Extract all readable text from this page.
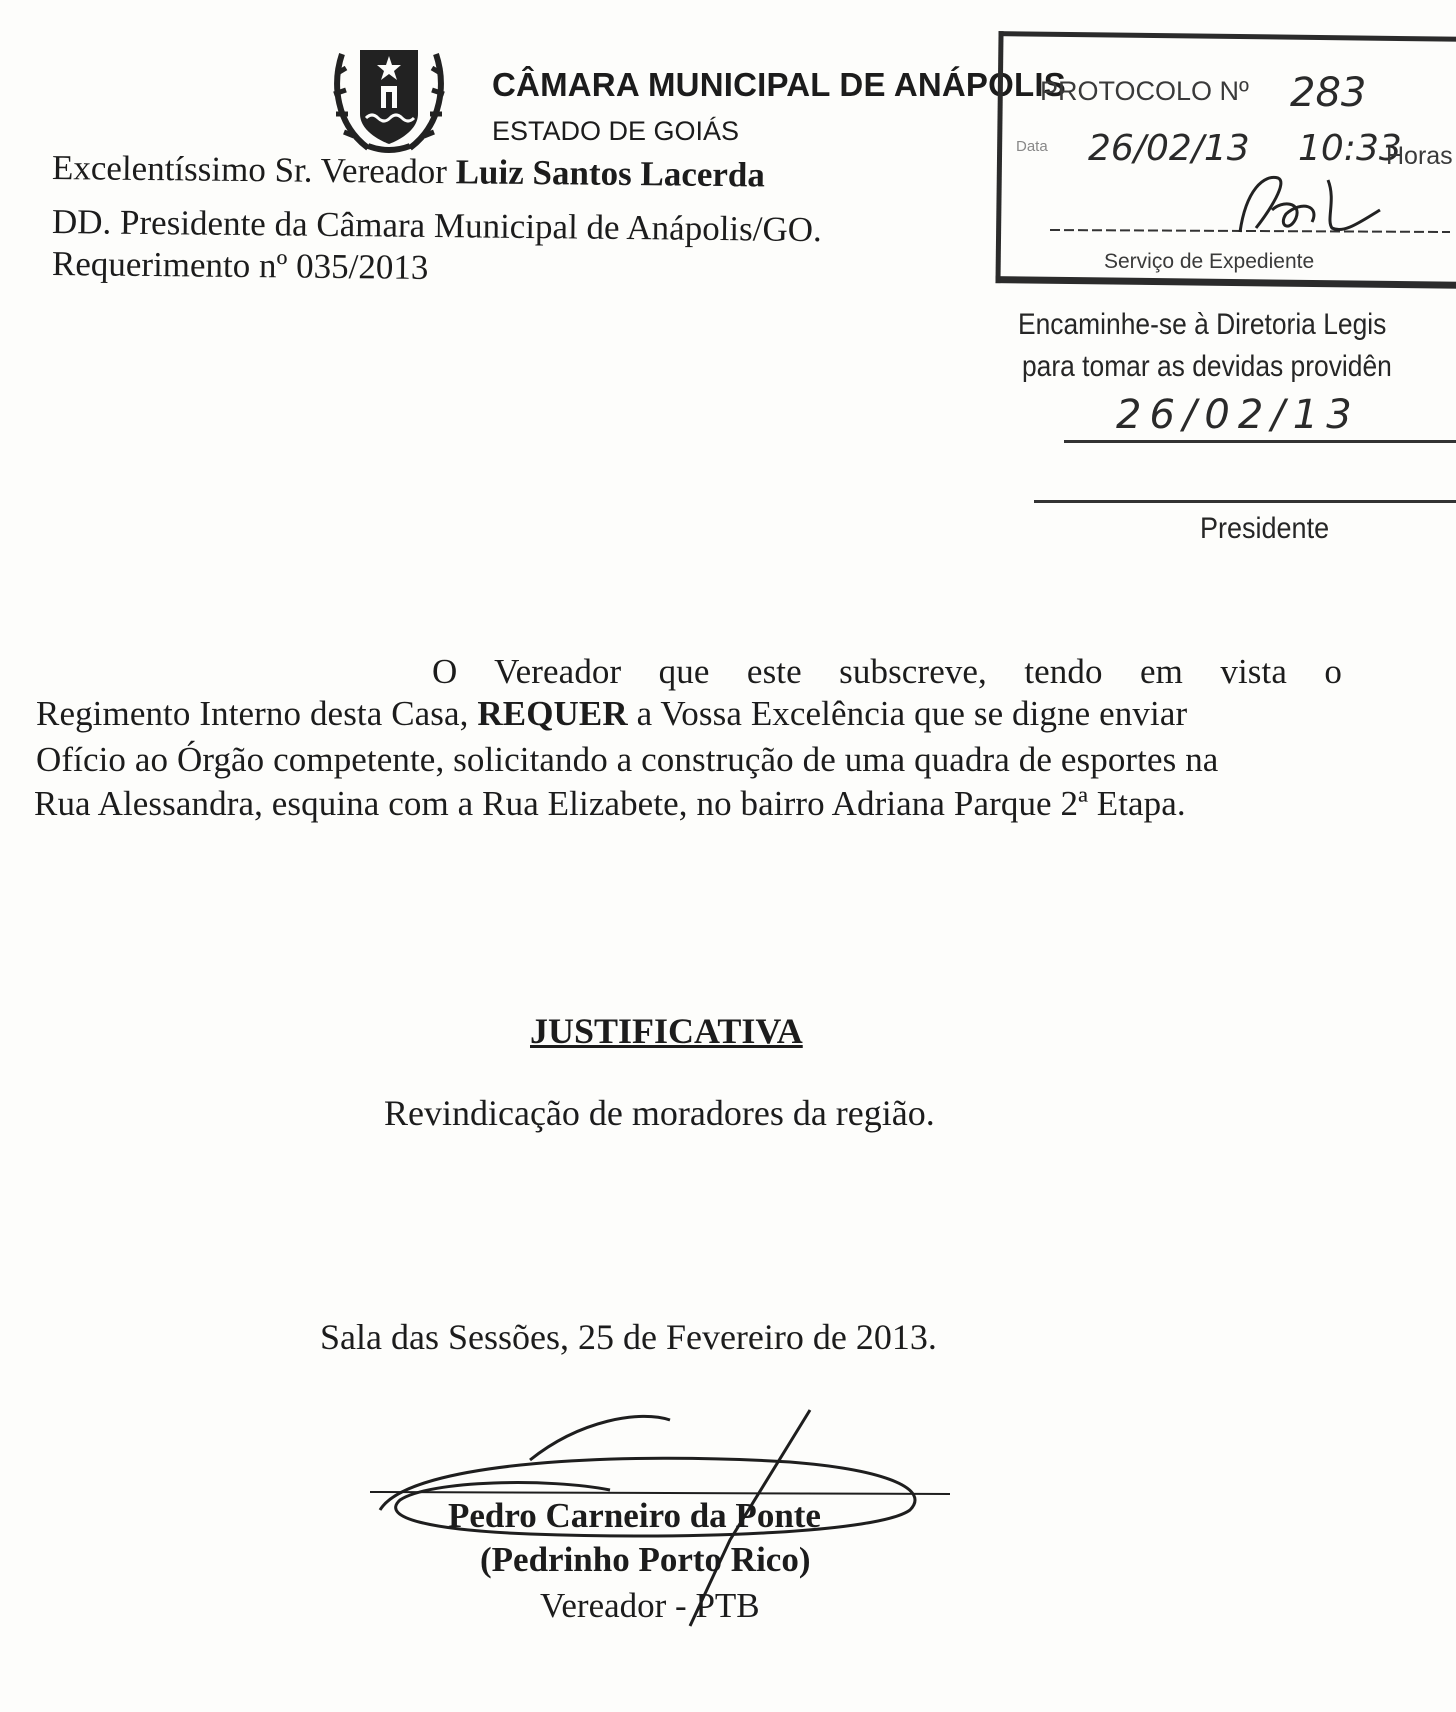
CÂMARA MUNICIPAL DE ANÁPOLIS
ESTADO DE GOIÁS
Excelentíssimo Sr. Vereador Luiz Santos Lacerda
DD. Presidente da Câmara Municipal de Anápolis/GO.
Requerimento nº 035/2013
PROTOCOLO Nº 283
Data 26/02/13 10:33
Horas
Serviço de Expediente
Encaminhe-se à Diretoria Legis
para tomar as devidas providên
26/02/13
Presidente
O Vereador que este subscreve, tendo em vista o
Regimento Interno desta Casa, REQUER a Vossa Excelência que se digne enviar
Ofício ao Órgão competente, solicitando a construção de uma quadra de esportes na
Rua Alessandra, esquina com a Rua Elizabete, no bairro Adriana Parque 2ª Etapa.
JUSTIFICATIVA
Revindicação de moradores da região.
Sala das Sessões, 25 de Fevereiro de 2013.
Pedro Carneiro da Ponte
(Pedrinho Porto Rico)
Vereador - PTB
